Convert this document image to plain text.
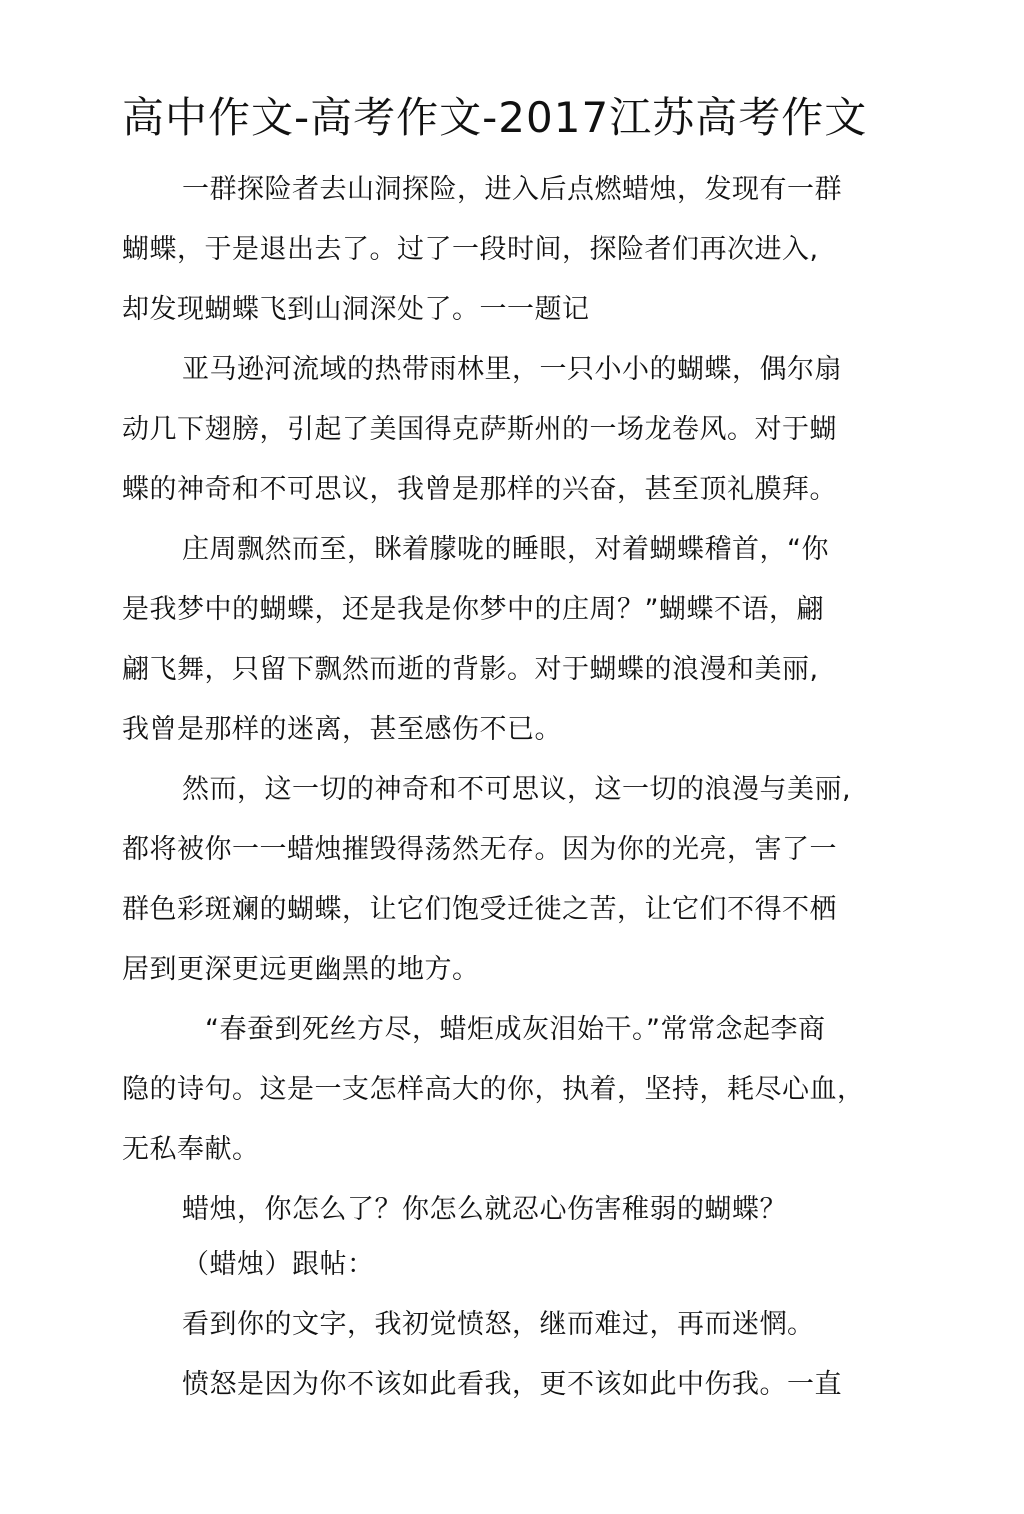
高中作文-高考作文-2017江苏高考作文
一群探险者去山洞探险，进入后点燃蜡烛，发现有一群
蝴蝶，于是退出去了。过了一段时间，探险者们再次进入,
却发现蝴蝶飞到山洞深处了。一一题记
亚马逊河流域的热带雨林里，一只小小的蝴蝶，偶尔扇
动几下翅膀，引起了美国得克萨斯州的一场龙卷风。对于蝴
蝶的神奇和不可思议，我曾是那样的兴奋，甚至顶礼膜拜。
庄周飘然而至，眯着朦咙的睡眼，对着蝴蝶稽首，“你
是我梦中的蝴蝶，还是我是你梦中的庄周？”蝴蝶不语，翩
翩飞舞，只留下飘然而逝的背影。对于蝴蝶的浪漫和美丽,
我曾是那样的迷离，甚至感伤不已。
然而，这一切的神奇和不可思议，这一切的浪漫与美丽,
都将被你一一蜡烛摧毁得荡然无存。因为你的光亮，害了一
群色彩斑斓的蝴蝶，让它们饱受迁徙之苦，让它们不得不栖
居到更深更远更幽黑的地方。
“春蚕到死丝方尽，蜡炬成灰泪始干。”常常念起李商
隐的诗句。这是一支怎样高大的你，执着，坚持，耗尽心血，
无私奉献。
蜡烛，你怎么了？你怎么就忍心伤害稚弱的蝴蝶？
（蜡烛）跟帖：
看到你的文字，我初觉愤怒，继而难过，再而迷惘。
愤怒是因为你不该如此看我，更不该如此中伤我。一直
